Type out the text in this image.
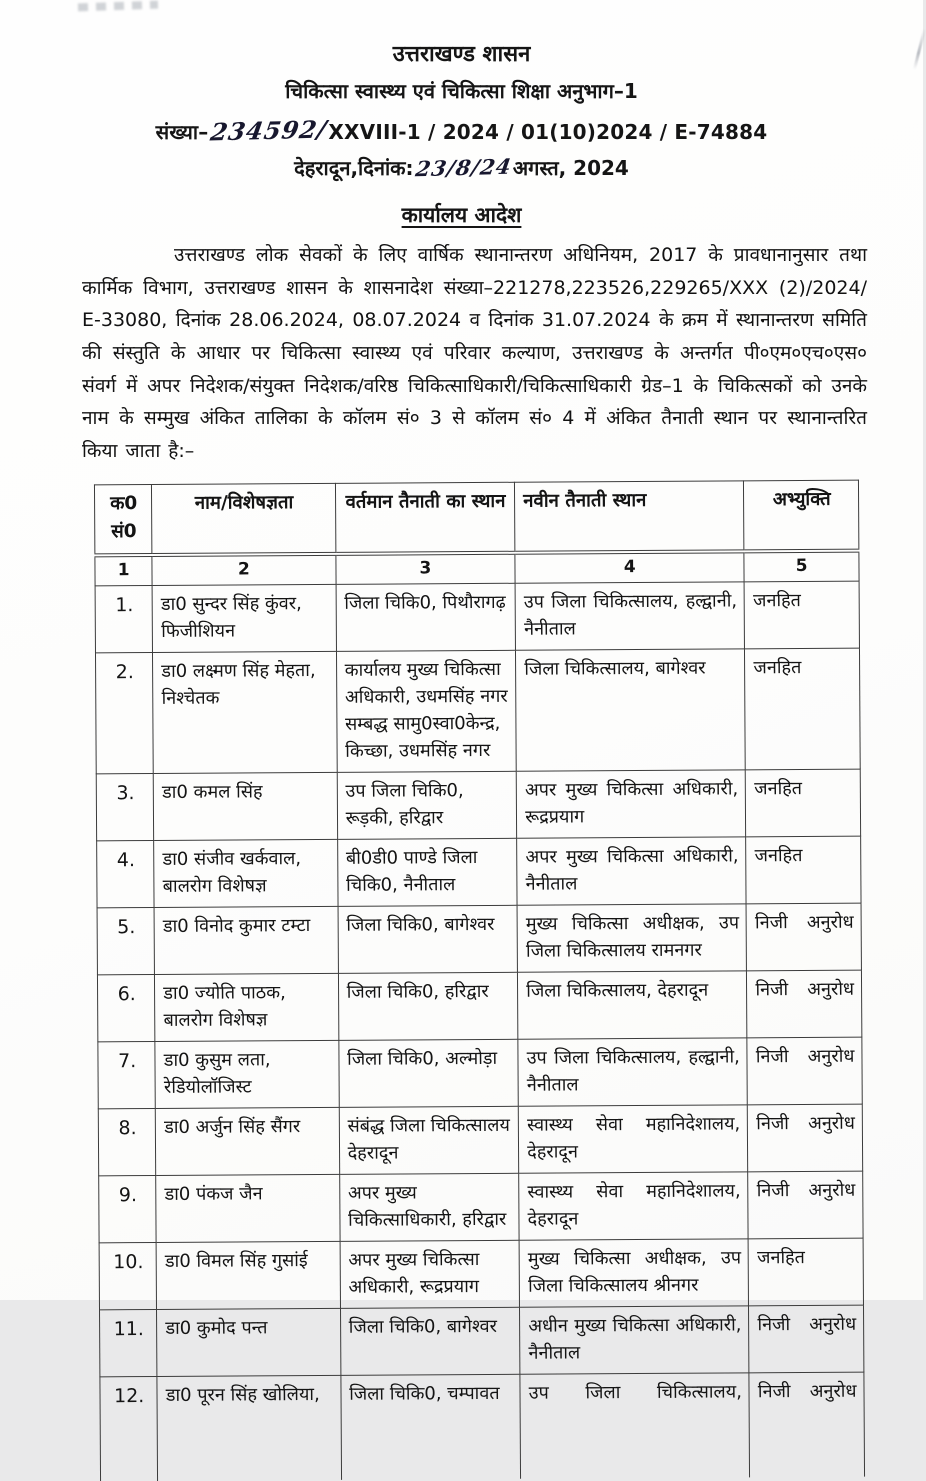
उत्तराखण्ड शासन
चिकित्सा स्वास्थ्य एवं चिकित्सा शिक्षा अनुभाग–1
संख्या–234592/XXVIII-1 / 2024 / 01(10)2024 / E-74884
देहरादून,दिनांक:23/8/24अगस्त, 2024
कार्यालय आदेश

उत्तराखण्ड लोक सेवकों के लिए वार्षिक स्थानान्तरण अधिनियम, 2017 के प्रावधानानुसार तथा कार्मिक विभाग, उत्तराखण्ड शासन के शासनादेश संख्या–221278,223526,229265/XXX (2)/2024/ E-33080, दिनांक 28.06.2024, 08.07.2024 व दिनांक 31.07.2024 के क्रम में स्थानान्तरण समिति की संस्तुति के आधार पर चिकित्सा स्वास्थ्य एवं परिवार कल्याण, उत्तराखण्ड के अन्तर्गत पी०एम०एच०एस० संवर्ग में अपर निदेशक/संयुक्त निदेशक/वरिष्ठ चिकित्साधिकारी/चिकित्साधिकारी ग्रेड–1 के चिकित्सकों को उनके नाम के सम्मुख अंकित तालिका के कॉलम सं० 3 से कॉलम सं० 4 में अंकित तैनाती स्थान पर स्थानान्तरित किया जाता है:–

क0 सं0	नाम/विशेषज्ञता	वर्तमान तैनाती का स्थान	नवीन तैनाती स्थान	अभ्युक्ति
1	2	3	4	5
1.	डा0 सुन्दर सिंह कुंवर, फिजीशियन	जिला चिकि0, पिथौरागढ़	उप जिला चिकित्सालय, हल्द्वानी, नैनीताल	जनहित
2.	डा0 लक्ष्मण सिंह मेहता, निश्चेतक	कार्यालय मुख्य चिकित्सा अधिकारी, उधमसिंह नगर सम्बद्ध सामु0स्वा0केन्द्र, किच्छा, उधमसिंह नगर	जिला चिकित्सालय, बागेश्वर	जनहित
3.	डा0 कमल सिंह	उप जिला चिकि0, रूड़की, हरिद्वार	अपर मुख्य चिकित्सा अधिकारी, रूद्रप्रयाग	जनहित
4.	डा0 संजीव खर्कवाल, बालरोग विशेषज्ञ	बी0डी0 पाण्डे जिला चिकि0, नैनीताल	अपर मुख्य चिकित्सा अधिकारी, नैनीताल	जनहित
5.	डा0 विनोद कुमार टम्टा	जिला चिकि0, बागेश्वर	मुख्य चिकित्सा अधीक्षक, उप जिला चिकित्सालय रामनगर	निजी अनुरोध
6.	डा0 ज्योति पाठक, बालरोग विशेषज्ञ	जिला चिकि0, हरिद्वार	जिला चिकित्सालय, देहरादून	निजी अनुरोध
7.	डा0 कुसुम लता, रेडियोलॉजिस्ट	जिला चिकि0, अल्मोड़ा	उप जिला चिकित्सालय, हल्द्वानी, नैनीताल	निजी अनुरोध
8.	डा0 अर्जुन सिंह सैंगर	संबंद्ध जिला चिकित्सालय देहरादून	स्वास्थ्य सेवा महानिदेशालय, देहरादून	निजी अनुरोध
9.	डा0 पंकज जैन	अपर मुख्य चिकित्साधिकारी, हरिद्वार	स्वास्थ्य सेवा महानिदेशालय, देहरादून	निजी अनुरोध
10.	डा0 विमल सिंह गुसांई	अपर मुख्य चिकित्सा अधिकारी, रूद्रप्रयाग	मुख्य चिकित्सा अधीक्षक, उप जिला चिकित्सालय श्रीनगर	जनहित
11.	डा0 कुमोद पन्त	जिला चिकि0, बागेश्वर	अधीन मुख्य चिकित्सा अधिकारी, नैनीताल	निजी अनुरोध
12.	डा0 पूरन सिंह खोलिया,	जिला चिकि0, चम्पावत	उप जिला चिकित्सालय,	निजी अनुरोध
